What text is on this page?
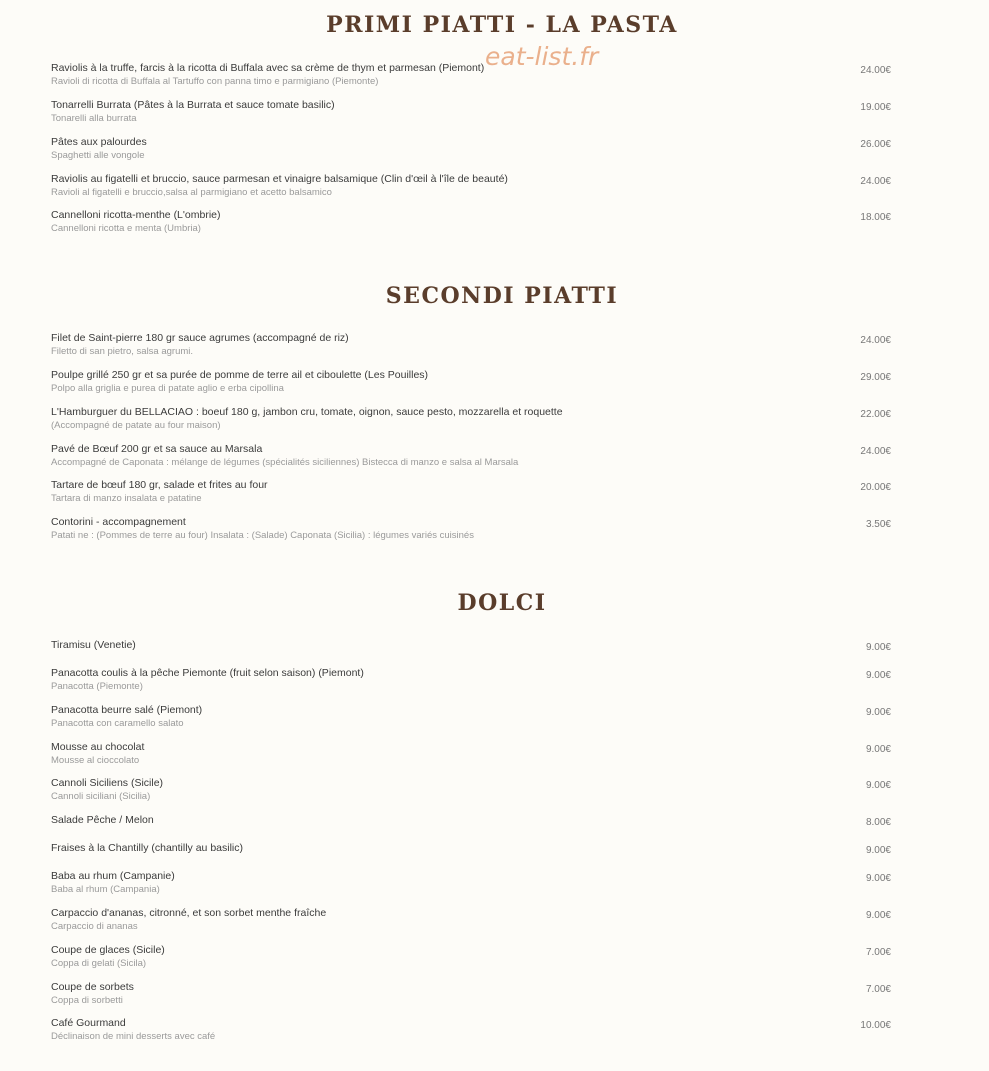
PRIMI PIATTI - LA PASTA
Raviolis à la truffe, farcis à la ricotta di Buffala avec sa crème de thym et parmesan (Piemont)
Ravioli di ricotta di Buffala al Tartuffo con panna timo e parmigiano (Piemonte)
24.00€
Tonarrelli Burrata (Pâtes à la Burrata et sauce tomate basilic)
Tonarelli alla burrata
19.00€
Pâtes aux palourdes
Spaghetti alle vongole
26.00€
Raviolis au figatelli et bruccio, sauce parmesan et vinaigre balsamique (Clin d'œil à l'île de beauté)
Ravioli al figatelli e bruccio,salsa al parmigiano et acetto balsamico
24.00€
Cannelloni ricotta-menthe (L'ombrie)
Cannelloni ricotta e menta (Umbria)
18.00€
eat-list.fr
SECONDI PIATTI
Filet de Saint-pierre 180 gr sauce agrumes (accompagné de riz)
Filetto di san pietro, salsa agrumi.
24.00€
Poulpe grillé 250 gr et sa purée de pomme de terre ail et ciboulette (Les Pouilles)
Polpo alla griglia e purea di patate aglio e erba cipollina
29.00€
L'Hamburguer du BELLACIAO : boeuf 180 g, jambon cru, tomate, oignon, sauce pesto, mozzarella et roquette
(Accompagné de patate au four maison)
22.00€
Pavé de Bœuf 200 gr et sa sauce au Marsala
Accompagné de Caponata : mélange de légumes (spécialités siciliennes) Bistecca di manzo e salsa al Marsala
24.00€
Tartare de bœuf 180 gr, salade et frites au four
Tartara di manzo insalata e patatine
20.00€
Contorini - accompagnement
Patati ne : (Pommes de terre au four) Insalata : (Salade) Caponata (Sicilia) : légumes variés cuisinés
3.50€
DOLCI
Tiramisu (Venetie)	9.00€
Panacotta coulis à la pêche Piemonte (fruit selon saison) (Piemont)
Panacotta (Piemonte)
9.00€
Panacotta beurre salé (Piemont)
Panacotta con caramello salato
9.00€
Mousse au chocolat
Mousse al cioccolato
9.00€
Cannoli Siciliens (Sicile)
Cannoli siciliani (Sicilia)
9.00€
Salade Pêche / Melon	8.00€
Fraises à la Chantilly (chantilly au basilic)	9.00€
Baba au rhum (Campanie)
Baba al rhum (Campania)
9.00€
Carpaccio d'ananas, citronné, et son sorbet menthe fraîche
Carpaccio di ananas
9.00€
Coupe de glaces (Sicile)
Coppa di gelati (Sicila)
7.00€
Coupe de sorbets
Coppa di sorbetti
7.00€
Café Gourmand
Déclinaison de mini desserts avec café
10.00€
